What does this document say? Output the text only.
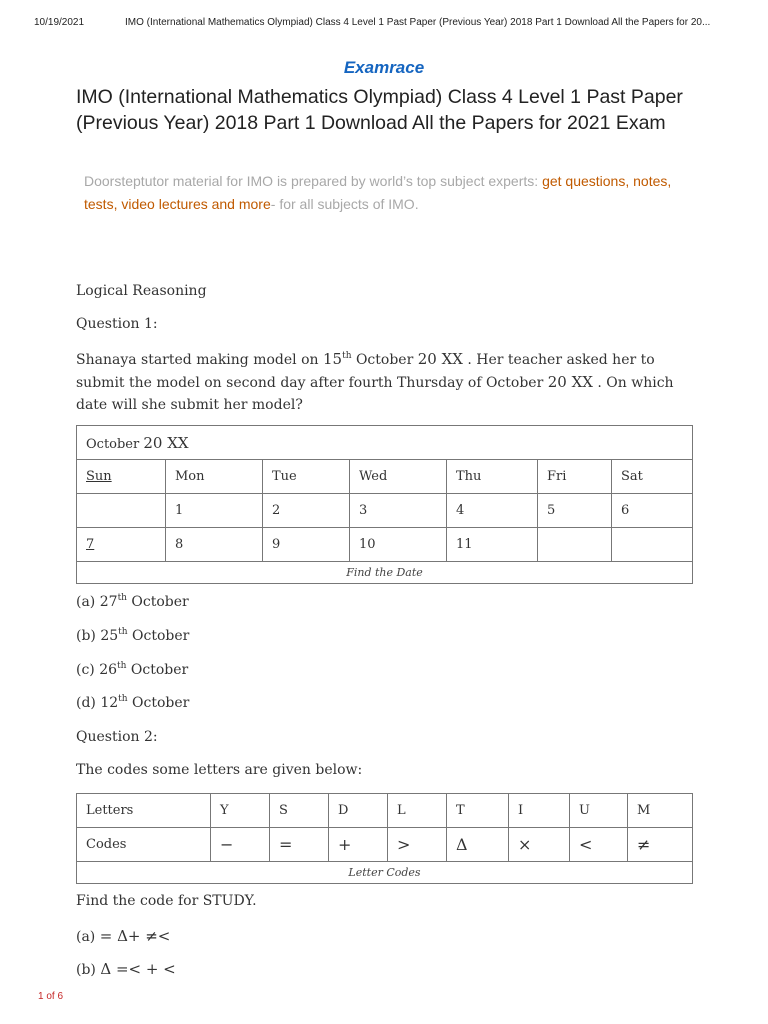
10/19/2021	IMO (International Mathematics Olympiad) Class 4 Level 1 Past Paper (Previous Year) 2018 Part 1 Download All the Papers for 20...
Examrace
IMO (International Mathematics Olympiad) Class 4 Level 1 Past Paper (Previous Year) 2018 Part 1 Download All the Papers for 2021 Exam
Doorsteptutor material for IMO is prepared by world’s top subject experts: get questions, notes, tests, video lectures and more- for all subjects of IMO.
Logical Reasoning
Question 1:
Shanaya started making model on 15th October 20 XX . Her teacher asked her to submit the model on second day after fourth Thursday of October 20 XX . On which date will she submit her model?
October 20 XX						
Sun	Mon	Tue	Wed	Thu	Fri	Sat
	1	2	3	4	5	6
7	8	9	10	11		
Find the Date						
(a) 27th October
(b) 25th October
(c) 26th October
(d) 12th October
Question 2:
The codes some letters are given below:
Letters	Y	S	D	L	T	I	U	M
Codes	−	=	+	>	Δ	×	<	≠
Letter Codes								
Find the code for STUDY.
(a) = Δ+ ≠<
(b) Δ =< + <
1 of 6
